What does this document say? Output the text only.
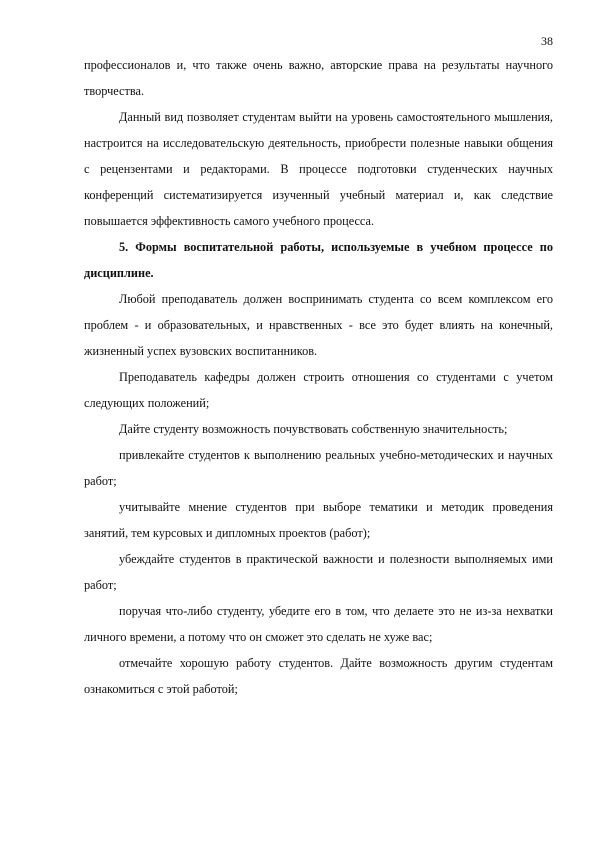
38

профессионалов и, что также очень важно, авторские права на результаты научного творчества.

Данный вид позволяет студентам выйти на уровень самостоятельного мышления, настроится на исследовательскую деятельность, приобрести полезные навыки общения с рецензентами и редакторами. В процессе подготовки студенческих научных конференций систематизируется изученный учебный материал и, как следствие повышается эффективность самого учебного процесса.

5. Формы воспитательной работы, используемые в учебном процессе по дисциплине.

Любой преподаватель должен воспринимать студента со всем комплексом его проблем - и образовательных, и нравственных - все это будет влиять на конечный, жизненный успех вузовских воспитанников.

Преподаватель кафедры должен строить отношения со студентами с учетом следующих положений;

Дайте студенту возможность почувствовать собственную значительность;

привлекайте студентов к выполнению реальных учебно-методических и научных работ;

учитывайте мнение студентов при выборе тематики и методик проведения занятий, тем курсовых и дипломных проектов (работ);

убеждайте студентов в практической важности и полезности выполняемых ими работ;

поручая что-либо студенту, убедите его в том, что делаете это не из-за нехватки личного времени, а потому что он сможет это сделать не хуже вас;

отмечайте хорошую работу студентов. Дайте возможность другим студентам ознакомиться с этой работой;
